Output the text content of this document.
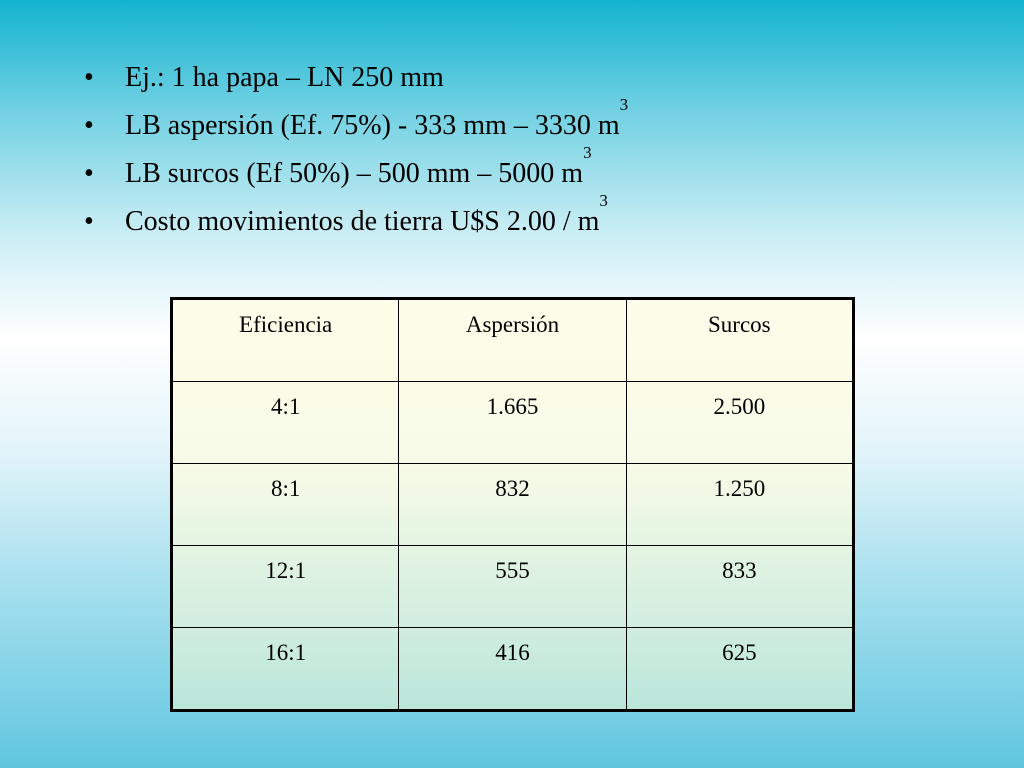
• Ej.: 1 ha papa – LN 250 mm
• LB aspersión (Ef. 75%) - 333 mm – 3330 $m^3$
• LB surcos (Ef 50%) – 500 mm – 5000 $m^3$
• Costo movimientos de tierra U$S $2.00 / m^3$
Eficiencia	Aspersión	Surcos
4:1	1.665	2.500
8:1	832	1.250
12:1	555	833
16:1	416	625
